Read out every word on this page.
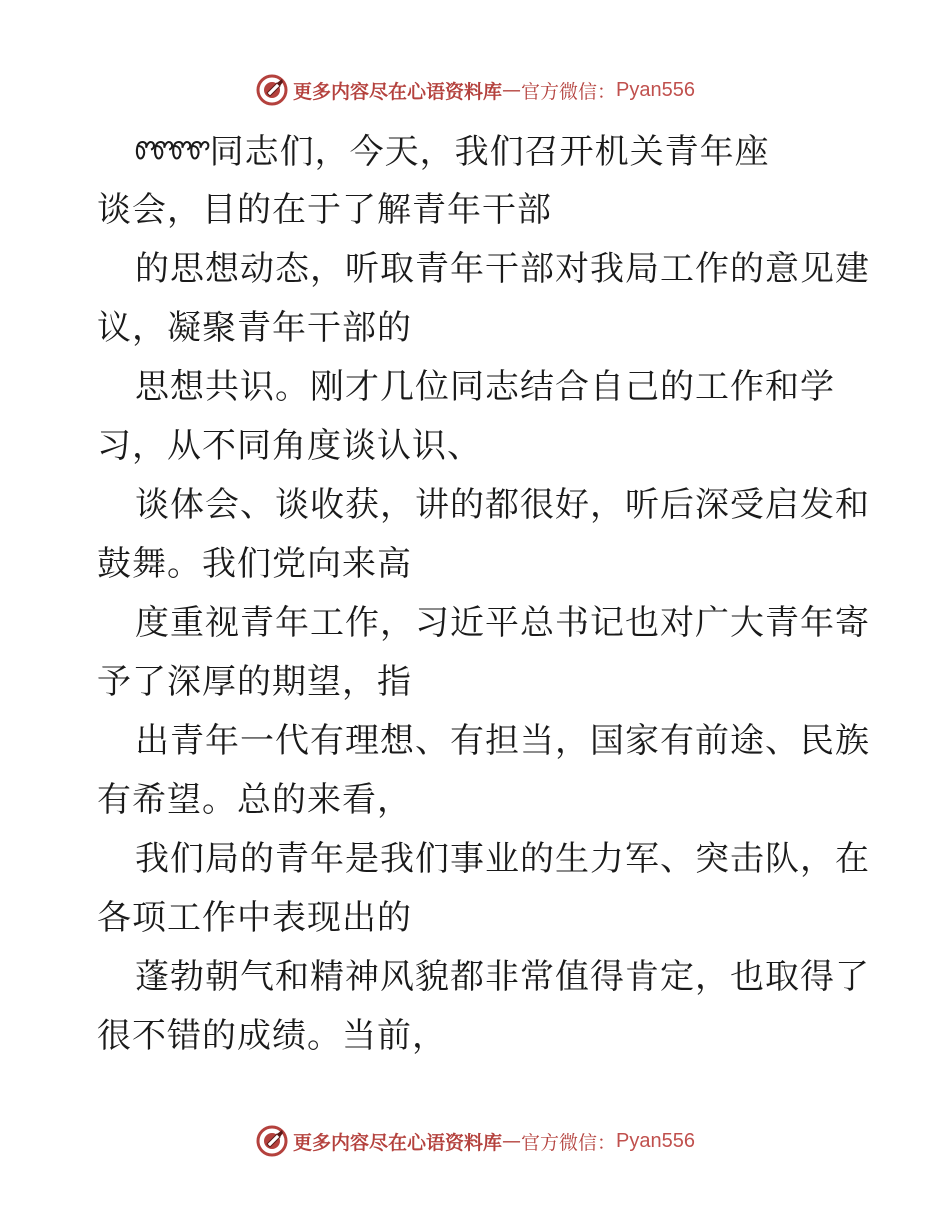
更多内容尽在心语资料库 — 官方微信： Pyan556
ᏛᏛᏛᏛ同志们，今天，我们召开机关青年座
谈会，目的在于了解青年干部
的思想动态，听取青年干部对我局工作的意见建
议，凝聚青年干部的
思想共识。刚才几位同志结合自己的工作和学
习，从不同角度谈认识、
谈体会、谈收获，讲的都很好，听后深受启发和
鼓舞。我们党向来高
度重视青年工作，习近平总书记也对广大青年寄
予了深厚的期望，指
出青年一代有理想、有担当，国家有前途、民族
有希望。总的来看，
我们局的青年是我们事业的生力军、突击队，在
各项工作中表现出的
蓬勃朝气和精神风貌都非常值得肯定，也取得了
很不错的成绩。当前，
更多内容尽在心语资料库 — 官方微信： Pyan556
